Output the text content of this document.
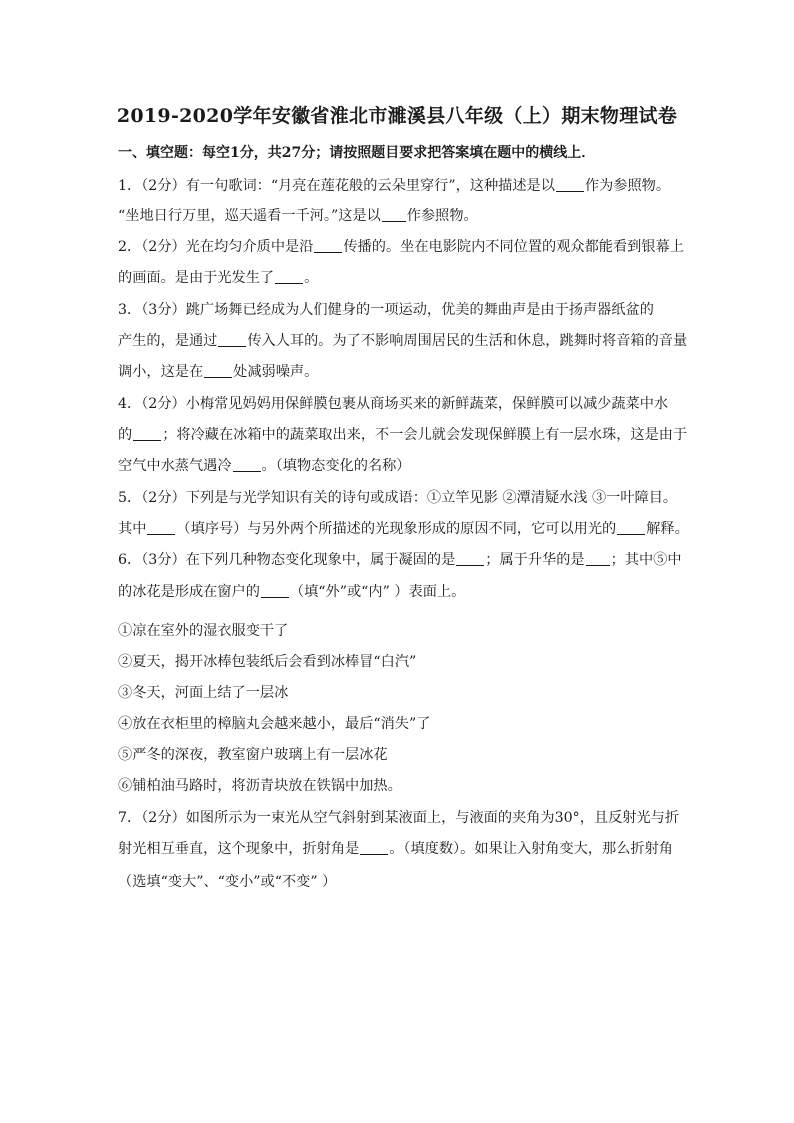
2019-2020学年安徽省淮北市濉溪县八年级（上）期末物理试卷
一、填空题：每空1分，共27分；请按照题目要求把答案填在题中的横线上．
1．（2分）有一句歌词：“月亮在莲花般的云朵里穿行”，这种描述是以 作为参照物。
“坐地日行万里，巡天遥看一千河。”这是以 作参照物。
2．（2分）光在均匀介质中是沿 传播的。坐在电影院内不同位置的观众都能看到银幕上
的画面。是由于光发生了 。
3．（3分）跳广场舞已经成为人们健身的一项运动，优美的舞曲声是由于扬声器纸盆的
产生的，是通过 传入人耳的。为了不影响周围居民的生活和休息，跳舞时将音箱的音量
调小，这是在 处减弱噪声。
4．（2分）小梅常见妈妈用保鲜膜包裹从商场买来的新鲜蔬菜，保鲜膜可以减少蔬菜中水
的 ；将冷藏在冰箱中的蔬菜取出来，不一会儿就会发现保鲜膜上有一层水珠，这是由于
空气中水蒸气遇冷 。（填物态变化的名称）
5．（2分）下列是与光学知识有关的诗句或成语：①立竿见影 ②潭清疑水浅 ③一叶障目。
其中 （填序号）与另外两个所描述的光现象形成的原因不同，它可以用光的 解释。
6．（3分）在下列几种物态变化现象中，属于凝固的是 ；属于升华的是 ；其中⑤中
的冰花是形成在窗户的 （填“外”或“内” ）表面上。
①凉在室外的湿衣服变干了
②夏天，揭开冰棒包装纸后会看到冰棒冒“白汽”
③冬天，河面上结了一层冰
④放在衣柜里的樟脑丸会越来越小，最后“消失”了
⑤严冬的深夜，教室窗户玻璃上有一层冰花
⑥铺柏油马路时，将沥青块放在铁锅中加热。
7．（2分）如图所示为一束光从空气斜射到某液面上，与液面的夹角为30°，且反射光与折
射光相互垂直，这个现象中，折射角是 。（填度数）。如果让入射角变大，那么折射角
（选填“变大”、“变小”或“不变” ）
